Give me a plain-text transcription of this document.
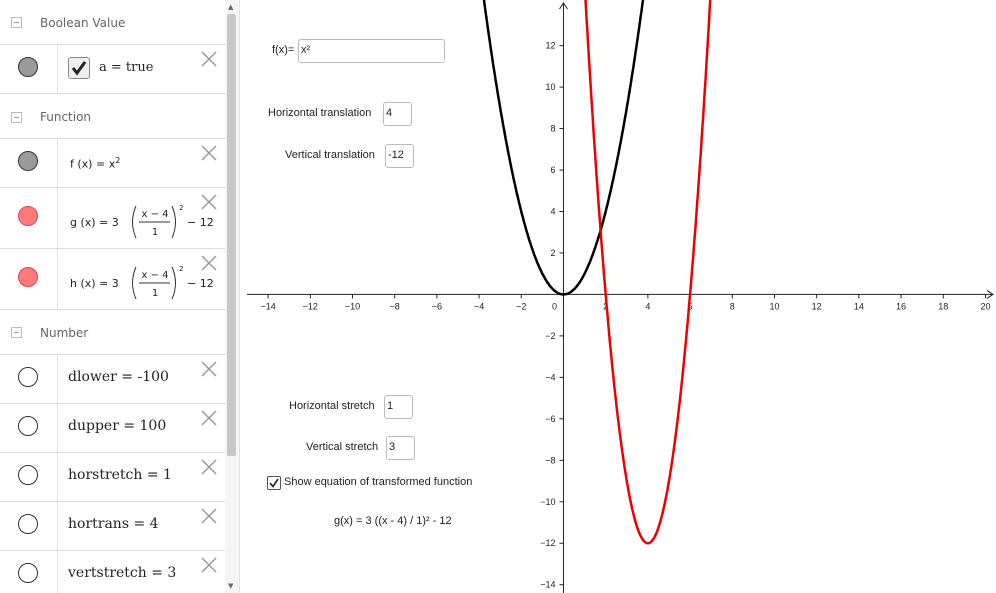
Boolean Value
a = true
Function
f $(x) = x^2$
g (x) = 3
x − 4
1
2
− 12
h (x) = 3
x − 4
1
2
− 12
Number
dlower = -100
dupper = 100
horstretch = 1
hortrans = 4
vertstretch = 3
▲
▼
−14	−12	−10	−8	−6	−4	−2	0	2	4	6	8	10	12	14	16	18	20
−14
−12
−10
−8
−6
−4
−2
2
4
6
8
10
12
f(x)= x²
Horizontal translation 4
Vertical translation -12
Horizontal stretch 1
Vertical stretch 3
Show equation of transformed function
g(x) = 3 ((x - 4) / 1)² - 12
